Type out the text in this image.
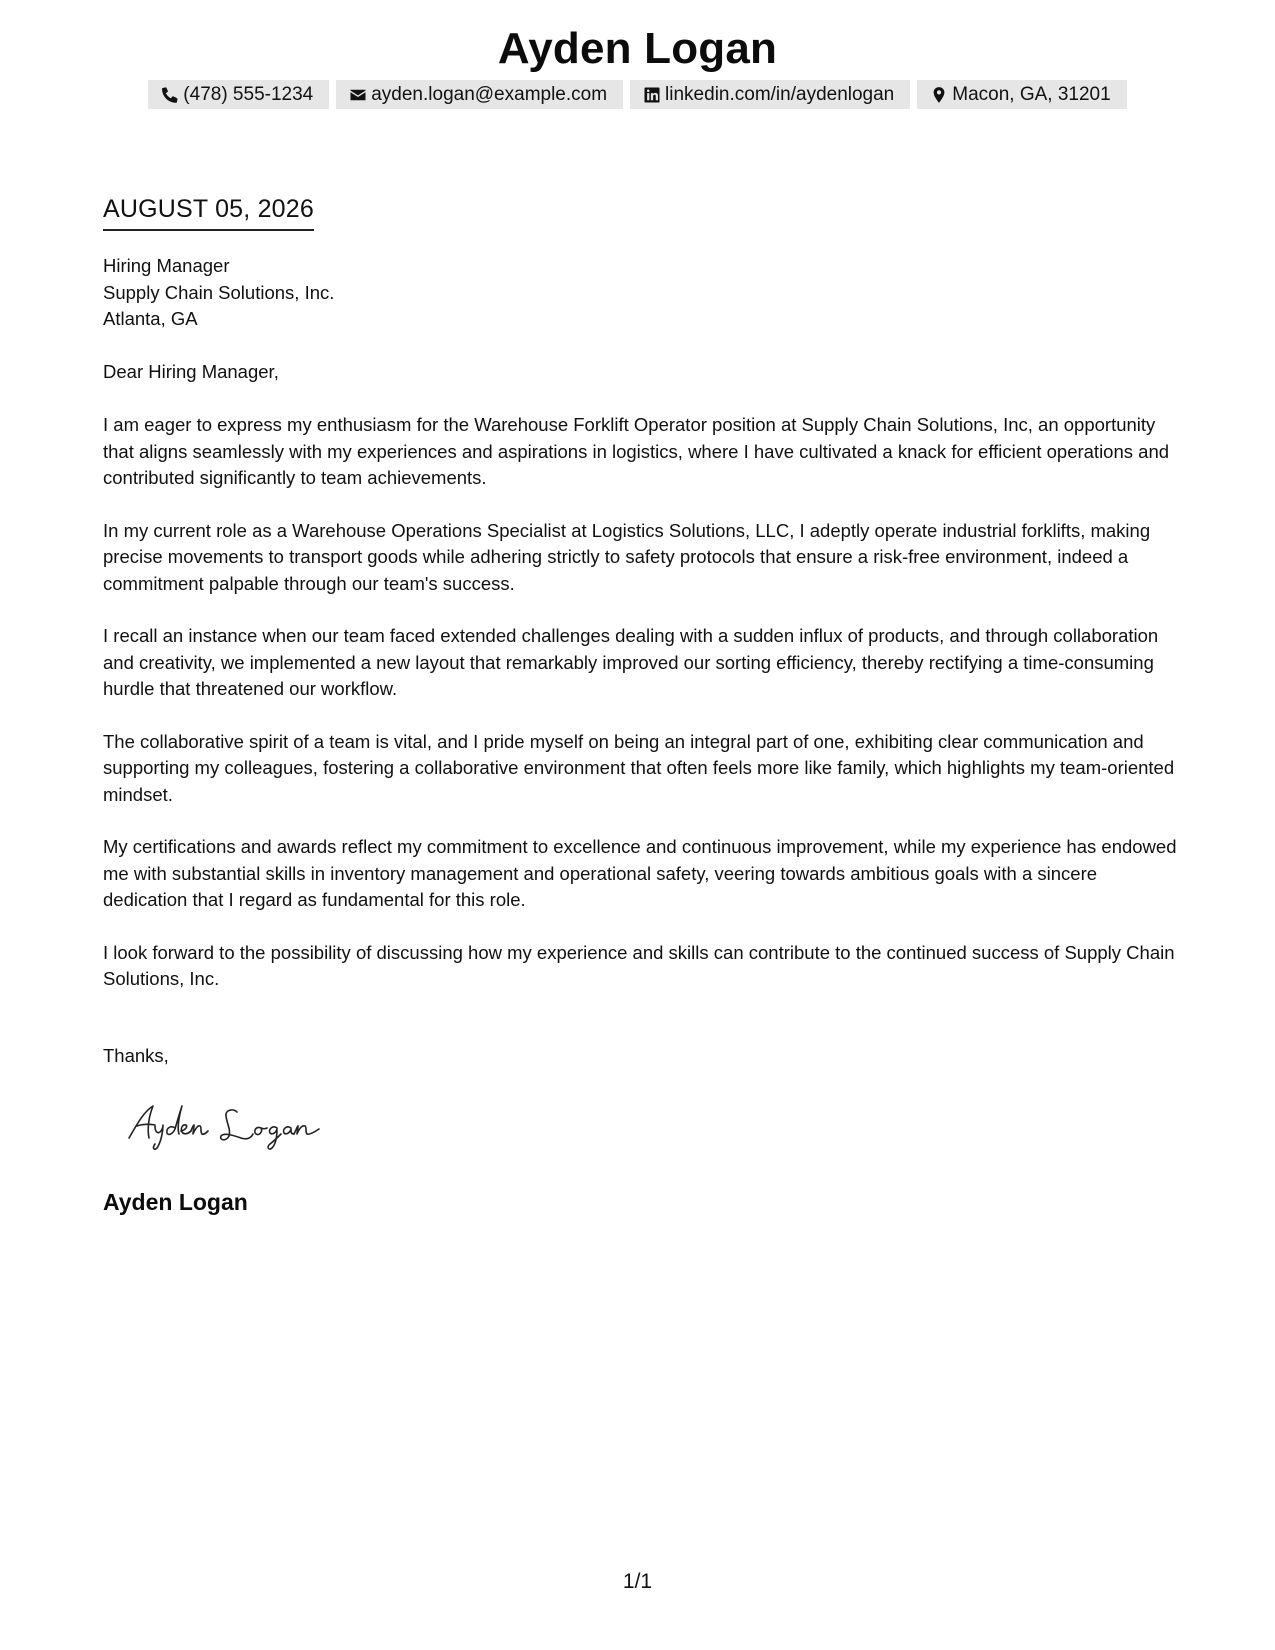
Ayden Logan
(478) 555-1234	ayden.logan@example.com	linkedin.com/in/aydenlogan	Macon, GA, 31201
AUGUST 05, 2026
Hiring Manager
Supply Chain Solutions, Inc.
Atlanta, GA
Dear Hiring Manager,

I am eager to express my enthusiasm for the Warehouse Forklift Operator position at Supply Chain Solutions, Inc, an opportunity that aligns seamlessly with my experiences and aspirations in logistics, where I have cultivated a knack for efficient operations and contributed significantly to team achievements.

In my current role as a Warehouse Operations Specialist at Logistics Solutions, LLC, I adeptly operate industrial forklifts, making precise movements to transport goods while adhering strictly to safety protocols that ensure a risk-free environment, indeed a commitment palpable through our team's success.

I recall an instance when our team faced extended challenges dealing with a sudden influx of products, and through collaboration and creativity, we implemented a new layout that remarkably improved our sorting efficiency, thereby rectifying a time-consuming hurdle that threatened our workflow.

The collaborative spirit of a team is vital, and I pride myself on being an integral part of one, exhibiting clear communication and supporting my colleagues, fostering a collaborative environment that often feels more like family, which highlights my team-oriented mindset.

My certifications and awards reflect my commitment to excellence and continuous improvement, while my experience has endowed me with substantial skills in inventory management and operational safety, veering towards ambitious goals with a sincere dedication that I regard as fundamental for this role.

I look forward to the possibility of discussing how my experience and skills can contribute to the continued success of Supply Chain Solutions, Inc.

Thanks,
Ayden Logan
1/1
